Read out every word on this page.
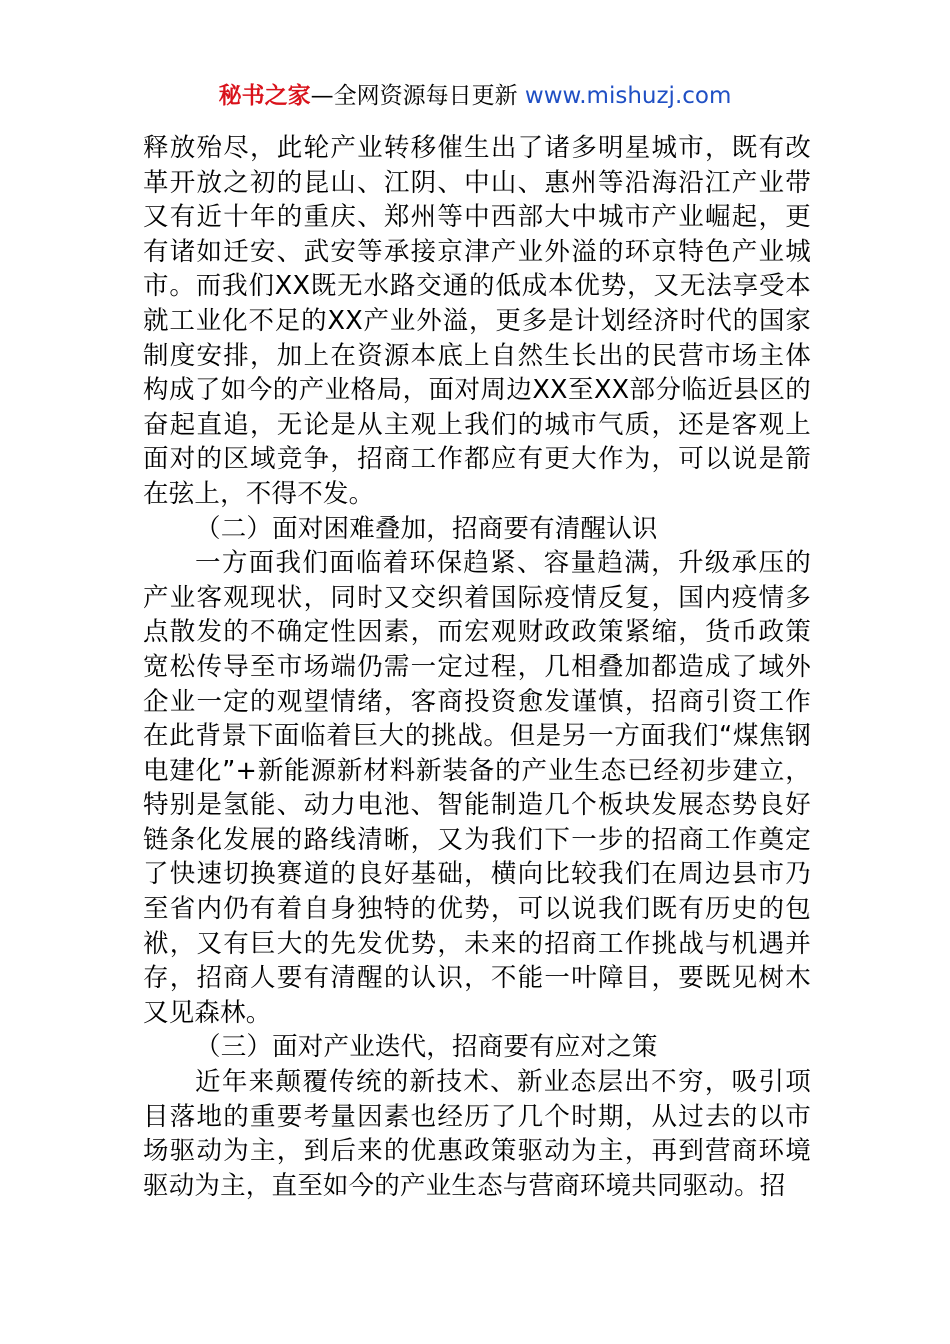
秘书之家—全网资源每日更新 www.mishuzj.com

释放殆尽，此轮产业转移催生出了诸多明星城市，既有改革开放之初的昆山、江阴、中山、惠州等沿海沿江产业带又有近十年的重庆、郑州等中西部大中城市产业崛起，更有诸如迁安、武安等承接京津产业外溢的环京特色产业城市。而我们XX既无水路交通的低成本优势，又无法享受本就工业化不足的XX产业外溢，更多是计划经济时代的国家制度安排，加上在资源本底上自然生长出的民营市场主体构成了如今的产业格局，面对周边XX至XX部分临近县区的奋起直追，无论是从主观上我们的城市气质，还是客观上面对的区域竞争，招商工作都应有更大作为，可以说是箭在弦上，不得不发。

（二）面对困难叠加，招商要有清醒认识

一方面我们面临着环保趋紧、容量趋满，升级承压的产业客观现状，同时又交织着国际疫情反复，国内疫情多点散发的不确定性因素，而宏观财政政策紧缩，货币政策宽松传导至市场端仍需一定过程，几相叠加都造成了域外企业一定的观望情绪，客商投资愈发谨慎，招商引资工作在此背景下面临着巨大的挑战。但是另一方面我们“煤焦钢电建化”+新能源新材料新装备的产业生态已经初步建立，特别是氢能、动力电池、智能制造几个板块发展态势良好链条化发展的路线清晰，又为我们下一步的招商工作奠定了快速切换赛道的良好基础，横向比较我们在周边县市乃至省内仍有着自身独特的优势，可以说我们既有历史的包袱，又有巨大的先发优势，未来的招商工作挑战与机遇并存，招商人要有清醒的认识，不能一叶障目，要既见树木又见森林。

（三）面对产业迭代，招商要有应对之策

近年来颠覆传统的新技术、新业态层出不穷，吸引项目落地的重要考量因素也经历了几个时期，从过去的以市场驱动为主，到后来的优惠政策驱动为主，再到营商环境驱动为主，直至如今的产业生态与营商环境共同驱动。招
